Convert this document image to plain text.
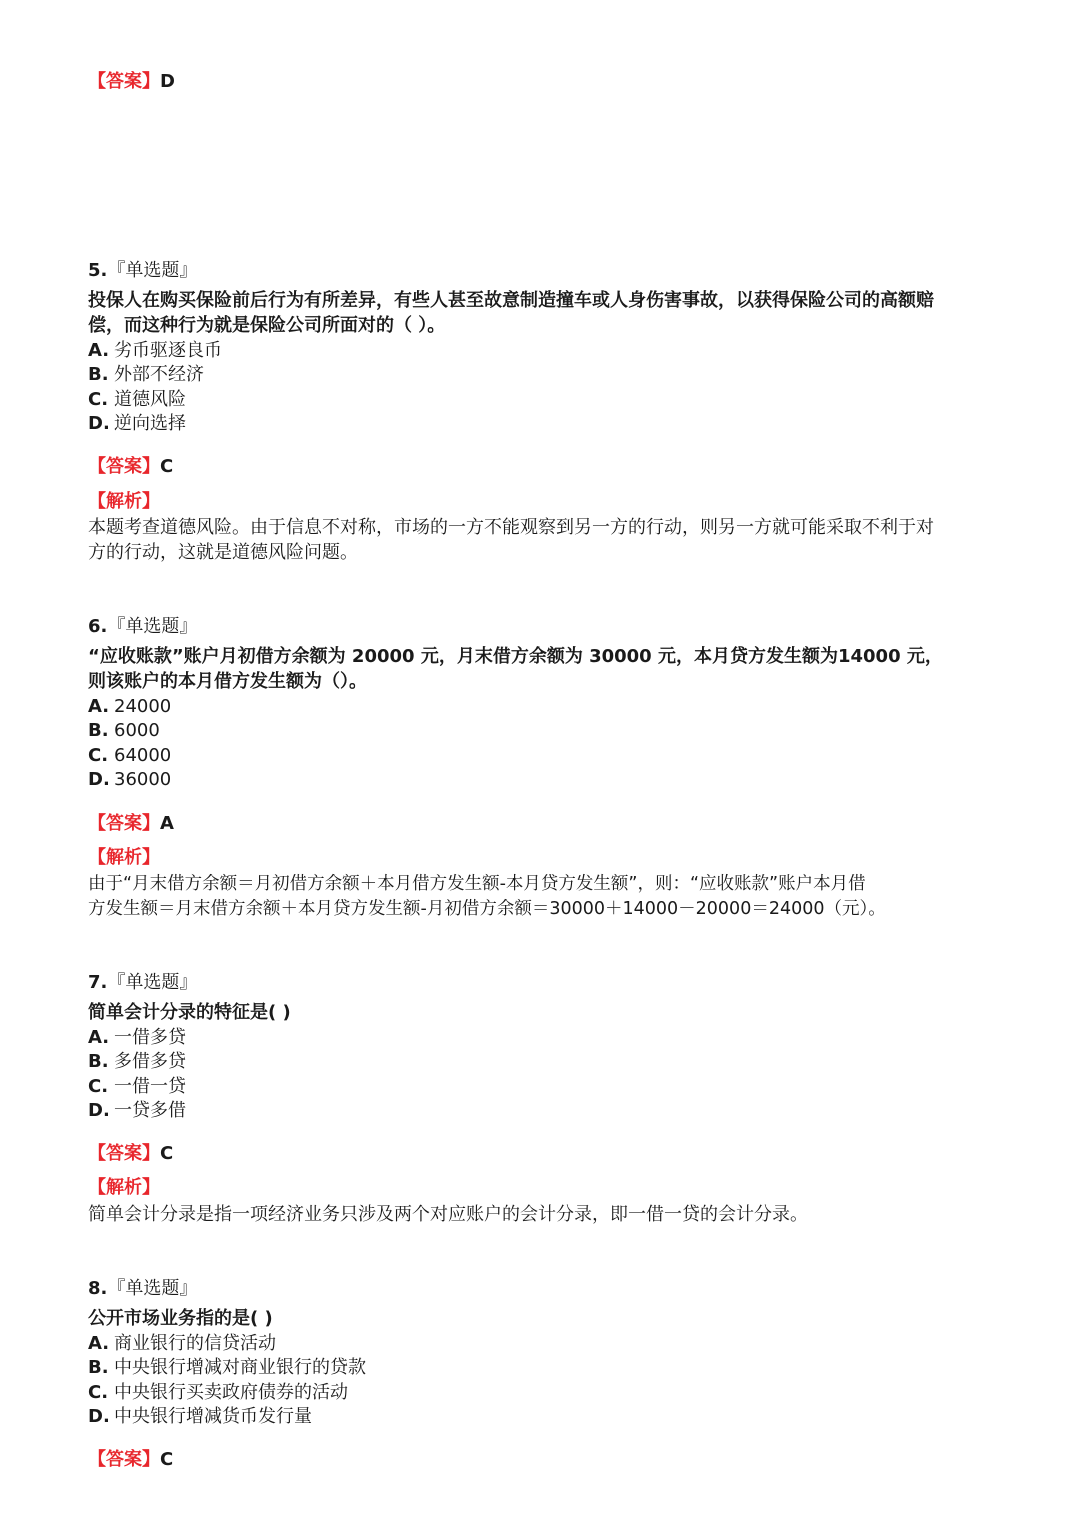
【答案】D
5.『单选题』
投保人在购买保险前后行为有所差异，有些人甚至故意制造撞车或人身伤害事故，以获得保险公司的高额赔
偿，而这种行为就是保险公司所面对的（ ）。
A. 劣币驱逐良币
B. 外部不经济
C. 道德风险
D. 逆向选择
【答案】C
【解析】
本题考查道德风险。由于信息不对称，市场的一方不能观察到另一方的行动，则另一方就可能采取不利于对
方的行动，这就是道德风险问题。
6.『单选题』
“应收账款”账户月初借方余额为 20000 元，月末借方余额为 30000 元，本月贷方发生额为14000 元，
则该账户的本月借方发生额为（）。
A. 24000
B. 6000
C. 64000
D. 36000
【答案】A
【解析】
由于“月末借方余额＝月初借方余额＋本月借方发生额-本月贷方发生额”，则：“应收账款”账户本月借
方发生额＝月末借方余额＋本月贷方发生额-月初借方余额＝30000＋14000－20000＝24000（元）。
7.『单选题』
简单会计分录的特征是( )
A. 一借多贷
B. 多借多贷
C. 一借一贷
D. 一贷多借
【答案】C
【解析】
简单会计分录是指一项经济业务只涉及两个对应账户的会计分录，即一借一贷的会计分录。
8.『单选题』
公开市场业务指的是( )
A. 商业银行的信贷活动
B. 中央银行增减对商业银行的贷款
C. 中央银行买卖政府债券的活动
D. 中央银行增减货币发行量
【答案】C
